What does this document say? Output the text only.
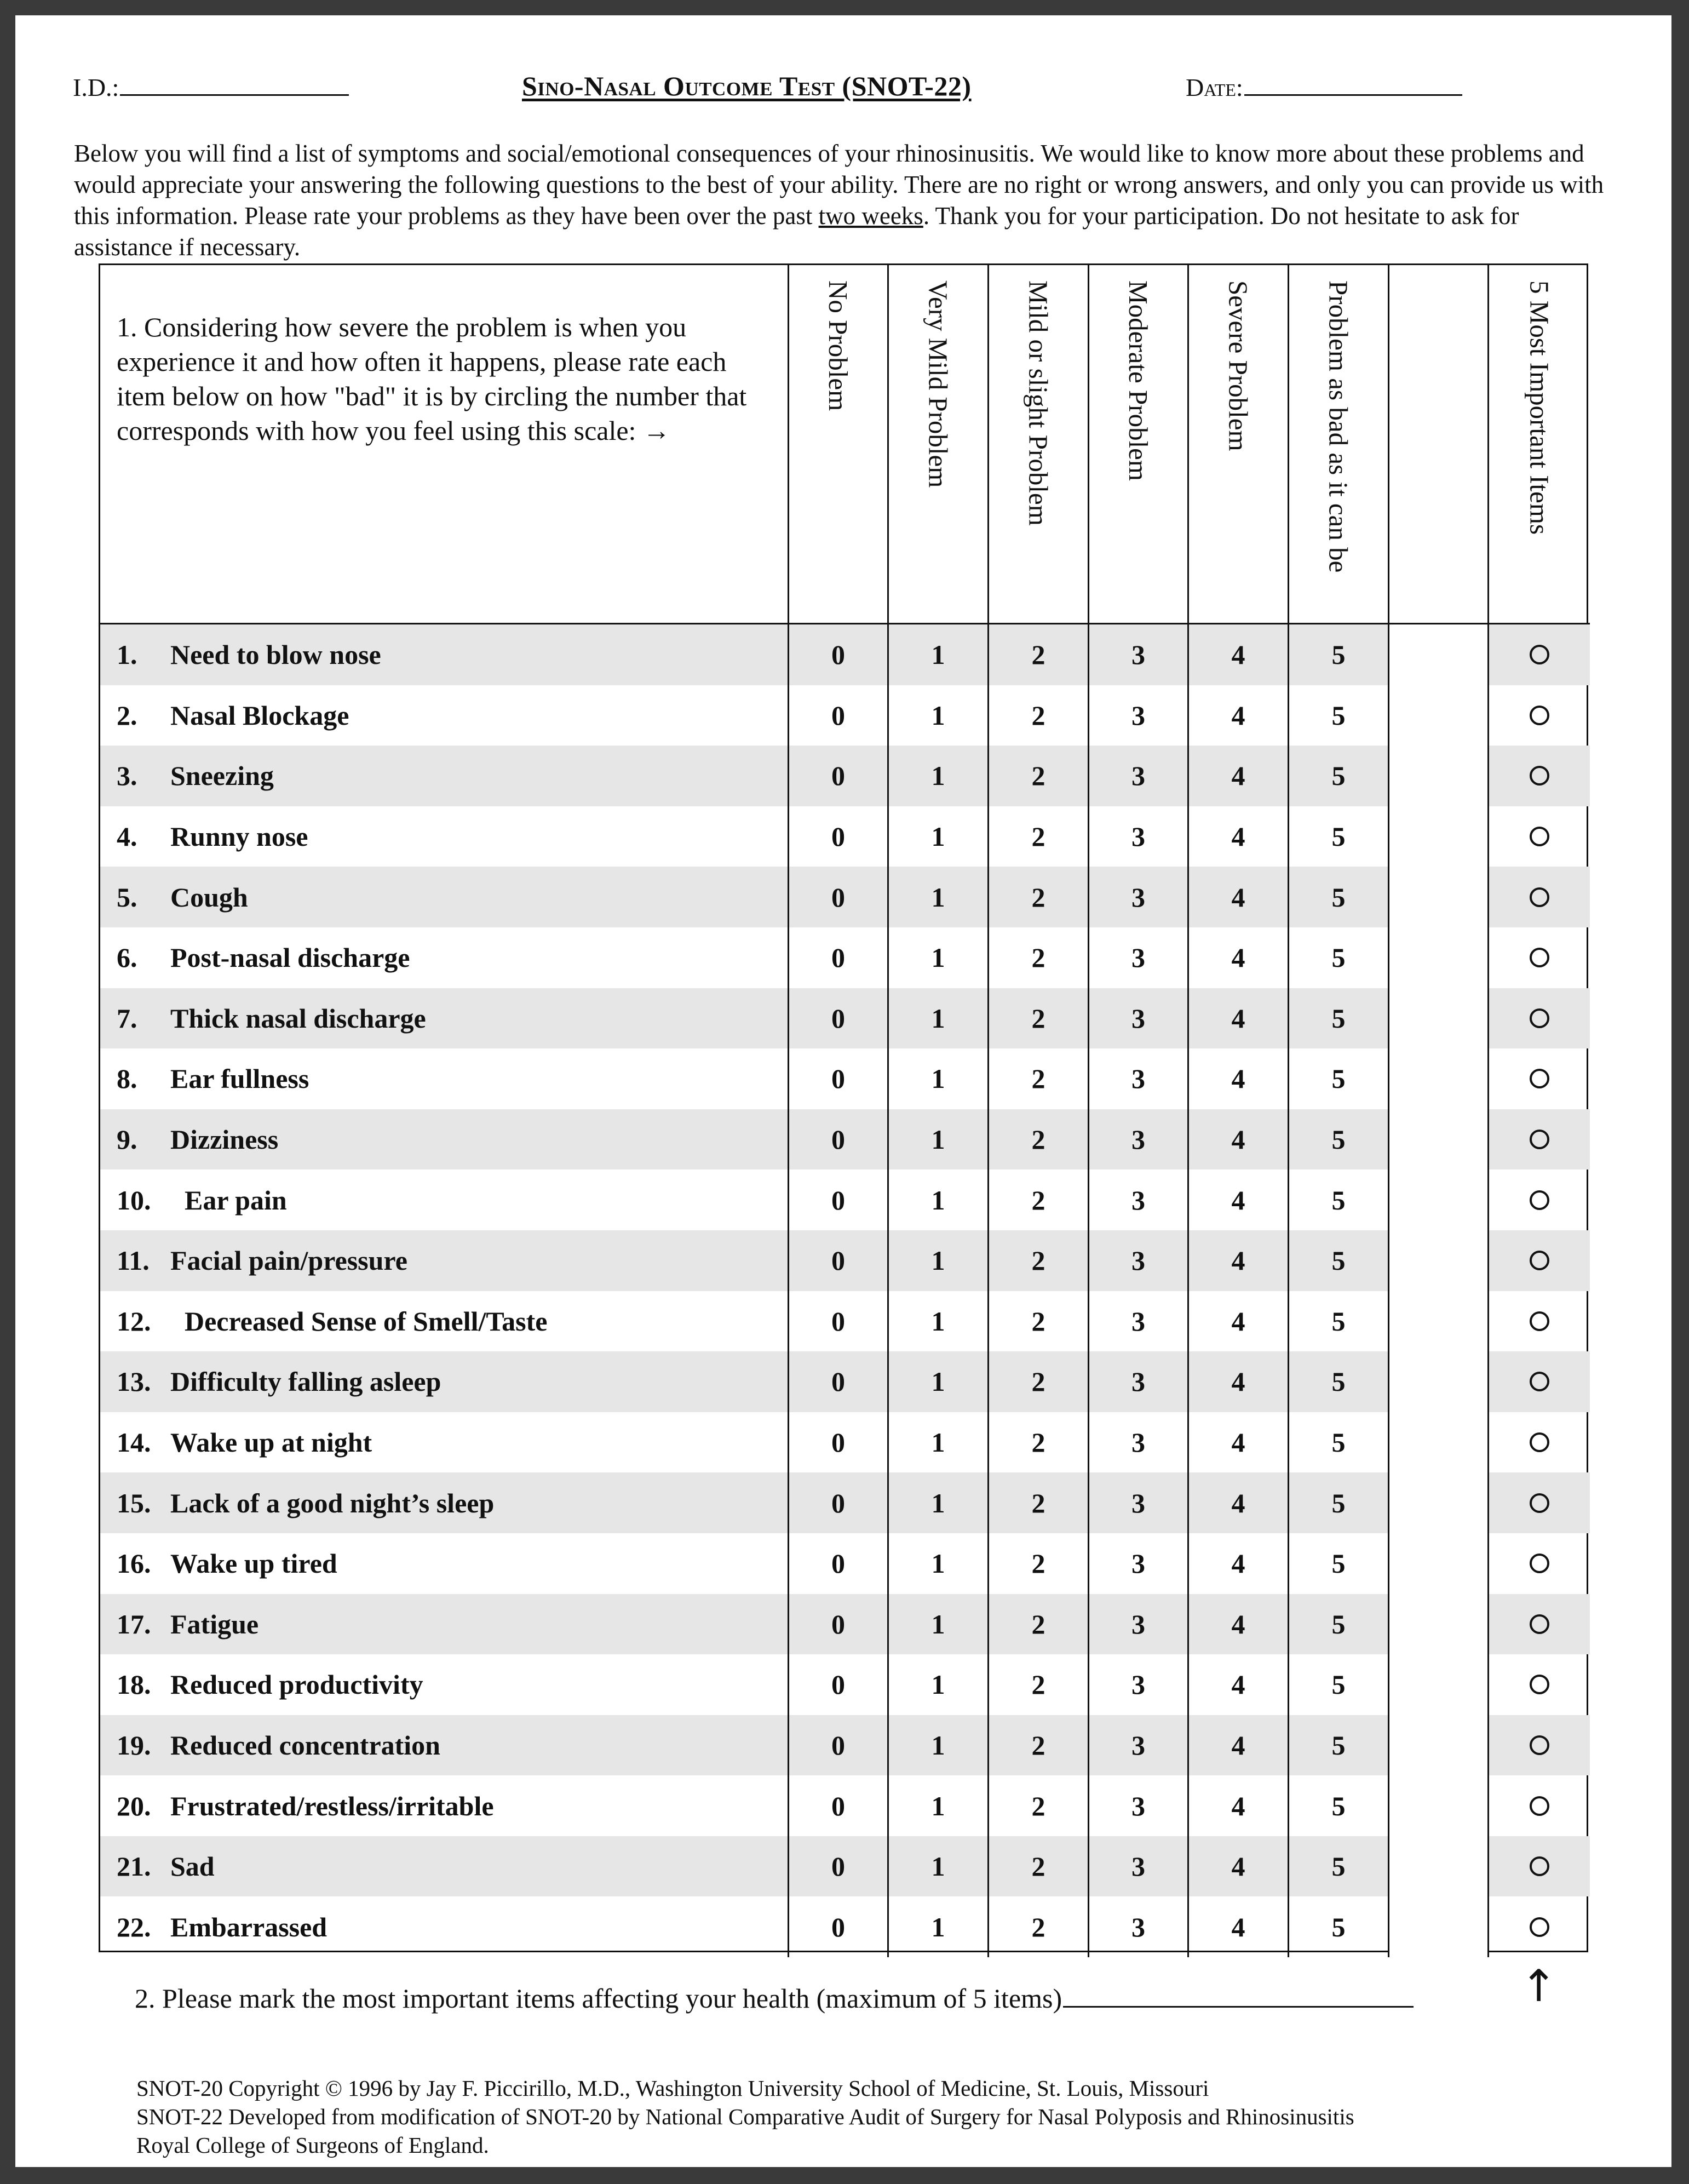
I.D.:	Sino-Nasal Outcome Test (SNOT-22)	Date:
Below you will find a list of symptoms and social/emotional consequences of your rhinosinusitis. We would like to know more about these problems and would appreciate your answering the following questions to the best of your ability. There are no right or wrong answers, and only you can provide us with this information. Please rate your problems as they have been over the past two weeks. Thank you for your participation. Do not hesitate to ask for assistance if necessary.
1. Considering how severe the problem is when you experience it and how often it happens, please rate each item below on how "bad" it is by circling the number that corresponds with how you feel using this scale: →
No Problem	Very Mild Problem	Mild or slight Problem	Moderate Problem	Severe Problem	Problem as bad as it can be	5 Most Important Items
1.	Need to blow nose	0	1	2	3	4	5
2.	Nasal Blockage	0	1	2	3	4	5
3.	Sneezing	0	1	2	3	4	5
4.	Runny nose	0	1	2	3	4	5
5.	Cough	0	1	2	3	4	5
6.	Post-nasal discharge	0	1	2	3	4	5
7.	Thick nasal discharge	0	1	2	3	4	5
8.	Ear fullness	0	1	2	3	4	5
9.	Dizziness	0	1	2	3	4	5
10.	Ear pain	0	1	2	3	4	5
11. Facial pain/pressure	0	1	2	3	4	5
12.	Decreased Sense of Smell/Taste	0	1	2	3	4	5
13. Difficulty falling asleep	0	1	2	3	4	5
14. Wake up at night	0	1	2	3	4	5
15. Lack of a good night’s sleep	0	1	2	3	4	5
16. Wake up tired	0	1	2	3	4	5
17. Fatigue	0	1	2	3	4	5
18. Reduced productivity	0	1	2	3	4	5
19. Reduced concentration	0	1	2	3	4	5
20. Frustrated/restless/irritable	0	1	2	3	4	5
21. Sad	0	1	2	3	4	5
22. Embarrassed	0	1	2	3	4	5
2. Please mark the most important items affecting your health (maximum of 5 items)	↑
SNOT-20 Copyright © 1996 by Jay F. Piccirillo, M.D., Washington University School of Medicine, St. Louis, Missouri
SNOT-22 Developed from modification of SNOT-20 by National Comparative Audit of Surgery for Nasal Polyposis and Rhinosinusitis
Royal College of Surgeons of England.
